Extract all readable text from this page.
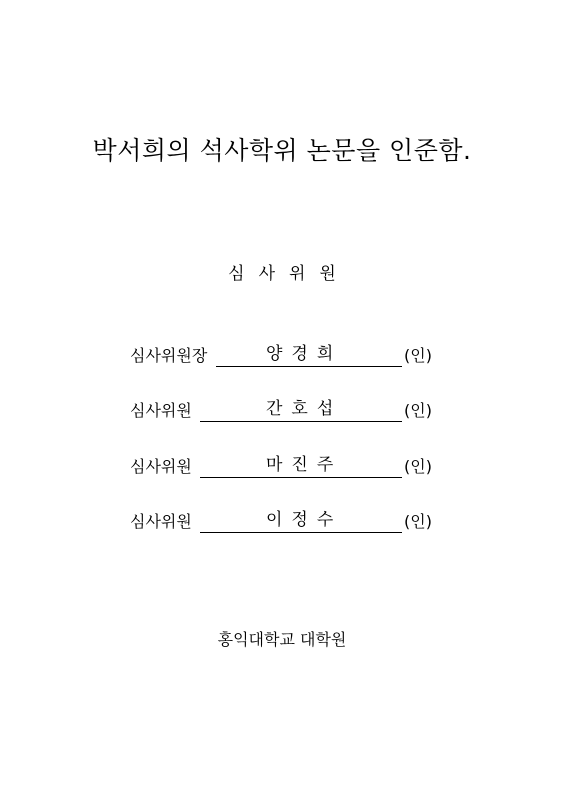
박서희의 석사학위 논문을 인준함.
심사위원
심사위원장	양경희	(인)
심사위원	간호섭	(인)
심사위원	마진주	(인)
심사위원	이정수	(인)
홍익대학교 대학원
